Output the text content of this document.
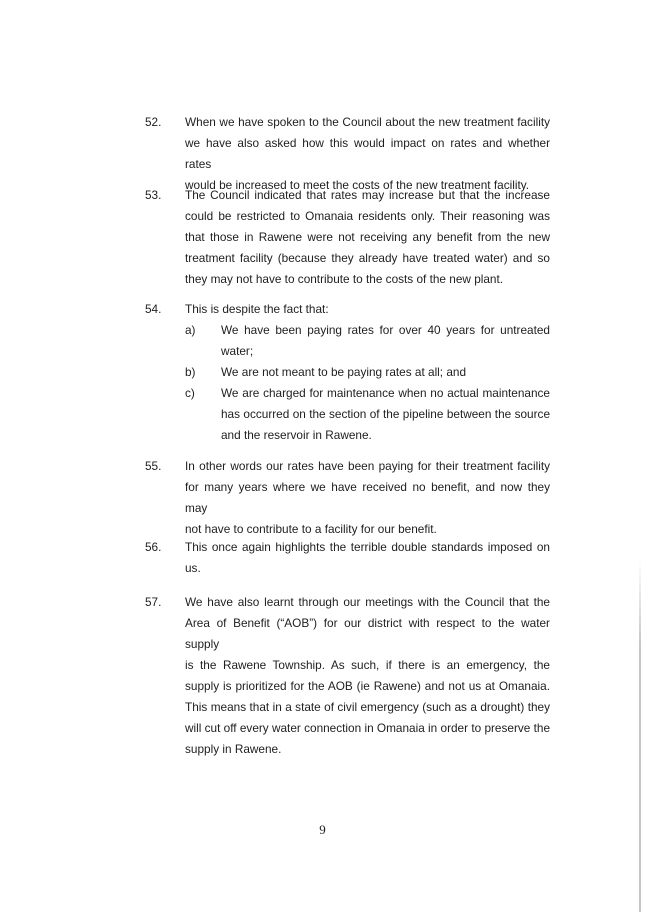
52.	When we have spoken to the Council about the new treatment facility
we have also asked how this would impact on rates and whether rates
would be increased to meet the costs of the new treatment facility.
53.	The Council indicated that rates may increase but that the increase
could be restricted to Omanaia residents only. Their reasoning was
that those in Rawene were not receiving any benefit from the new
treatment facility (because they already have treated water) and so
they may not have to contribute to the costs of the new plant.
54.	This is despite the fact that:
a)	We have been paying rates for over 40 years for untreated
water;
b)	We are not meant to be paying rates at all; and
c)	We are charged for maintenance when no actual maintenance
has occurred on the section of the pipeline between the source
and the reservoir in Rawene.
55.	In other words our rates have been paying for their treatment facility
for many years where we have received no benefit, and now they may
not have to contribute to a facility for our benefit.
56.	This once again highlights the terrible double standards imposed on
us.
57.	We have also learnt through our meetings with the Council that the
Area of Benefit (“AOB”) for our district with respect to the water supply
is the Rawene Township. As such, if there is an emergency, the
supply is prioritized for the AOB (ie Rawene) and not us at Omanaia.
This means that in a state of civil emergency (such as a drought) they
will cut off every water connection in Omanaia in order to preserve the
supply in Rawene.
9
